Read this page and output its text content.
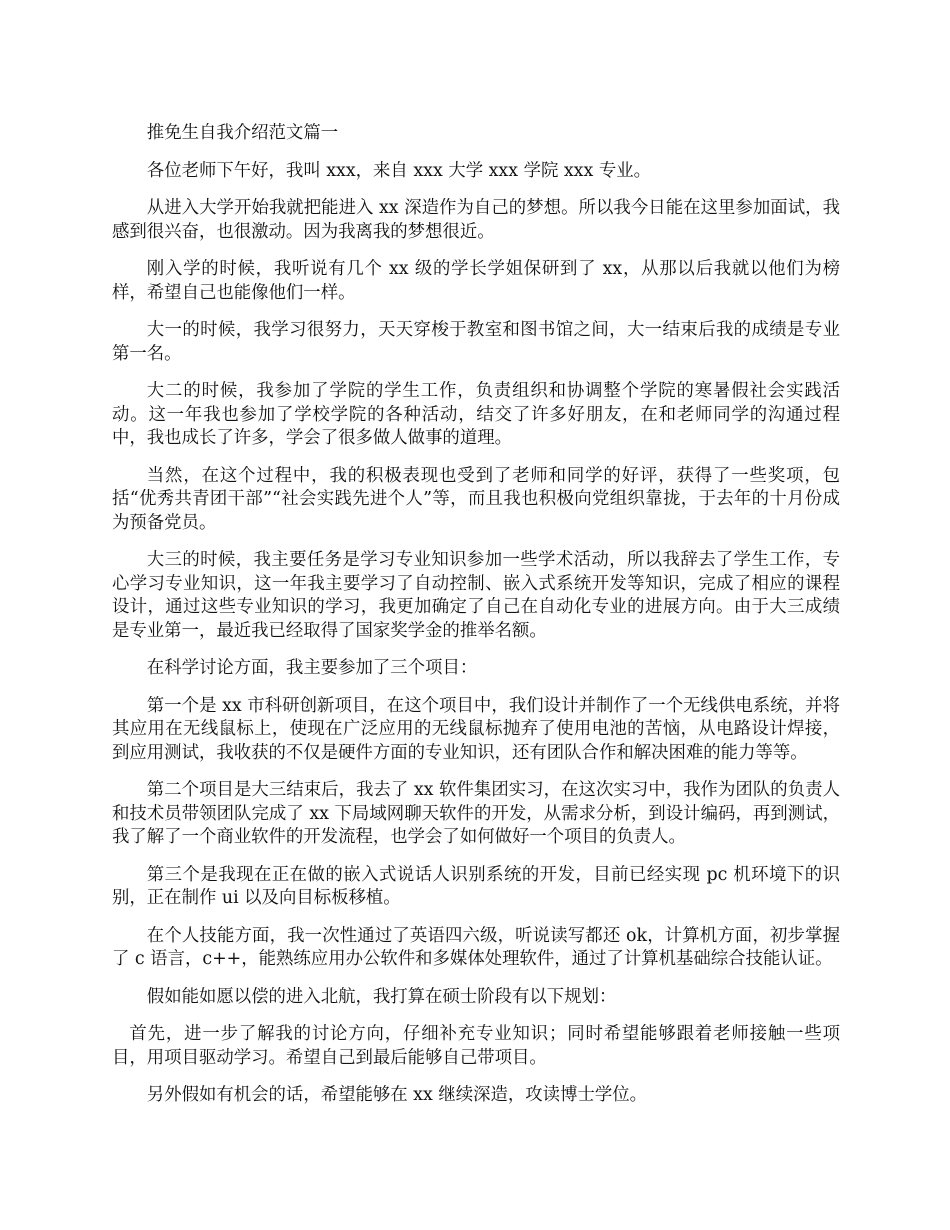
推免生自我介绍范文篇一

各位老师下午好，我叫 xxx，来自 xxx 大学 xxx 学院 xxx 专业。

从进入大学开始我就把能进入 xx 深造作为自己的梦想。所以我今日能在这里参加面试，我感到很兴奋，也很激动。因为我离我的梦想很近。

刚入学的时候，我听说有几个 xx 级的学长学姐保研到了 xx，从那以后我就以他们为榜样，希望自己也能像他们一样。

大一的时候，我学习很努力，天天穿梭于教室和图书馆之间，大一结束后我的成绩是专业第一名。

大二的时候，我参加了学院的学生工作，负责组织和协调整个学院的寒暑假社会实践活动。这一年我也参加了学校学院的各种活动，结交了许多好朋友，在和老师同学的沟通过程中，我也成长了许多，学会了很多做人做事的道理。

当然，在这个过程中，我的积极表现也受到了老师和同学的好评，获得了一些奖项，包括“优秀共青团干部”“社会实践先进个人”等，而且我也积极向党组织靠拢，于去年的十月份成为预备党员。

大三的时候，我主要任务是学习专业知识参加一些学术活动，所以我辞去了学生工作，专心学习专业知识，这一年我主要学习了自动控制、嵌入式系统开发等知识，完成了相应的课程设计，通过这些专业知识的学习，我更加确定了自己在自动化专业的进展方向。由于大三成绩是专业第一，最近我已经取得了国家奖学金的推举名额。

在科学讨论方面，我主要参加了三个项目：

第一个是 xx 市科研创新项目，在这个项目中，我们设计并制作了一个无线供电系统，并将其应用在无线鼠标上，使现在广泛应用的无线鼠标抛弃了使用电池的苦恼，从电路设计焊接，到应用测试，我收获的不仅是硬件方面的专业知识，还有团队合作和解决困难的能力等等。

第二个项目是大三结束后，我去了 xx 软件集团实习，在这次实习中，我作为团队的负责人和技术员带领团队完成了 xx 下局域网聊天软件的开发，从需求分析，到设计编码，再到测试，我了解了一个商业软件的开发流程，也学会了如何做好一个项目的负责人。

第三个是我现在正在做的嵌入式说话人识别系统的开发，目前已经实现 pc 机环境下的识别，正在制作 ui 以及向目标板移植。

在个人技能方面，我一次性通过了英语四六级，听说读写都还 ok，计算机方面，初步掌握了 c 语言，c++，能熟练应用办公软件和多媒体处理软件，通过了计算机基础综合技能认证。

假如能如愿以偿的进入北航，我打算在硕士阶段有以下规划：

首先，进一步了解我的讨论方向，仔细补充专业知识；同时希望能够跟着老师接触一些项目，用项目驱动学习。希望自己到最后能够自己带项目。

另外假如有机会的话，希望能够在 xx 继续深造，攻读博士学位。
